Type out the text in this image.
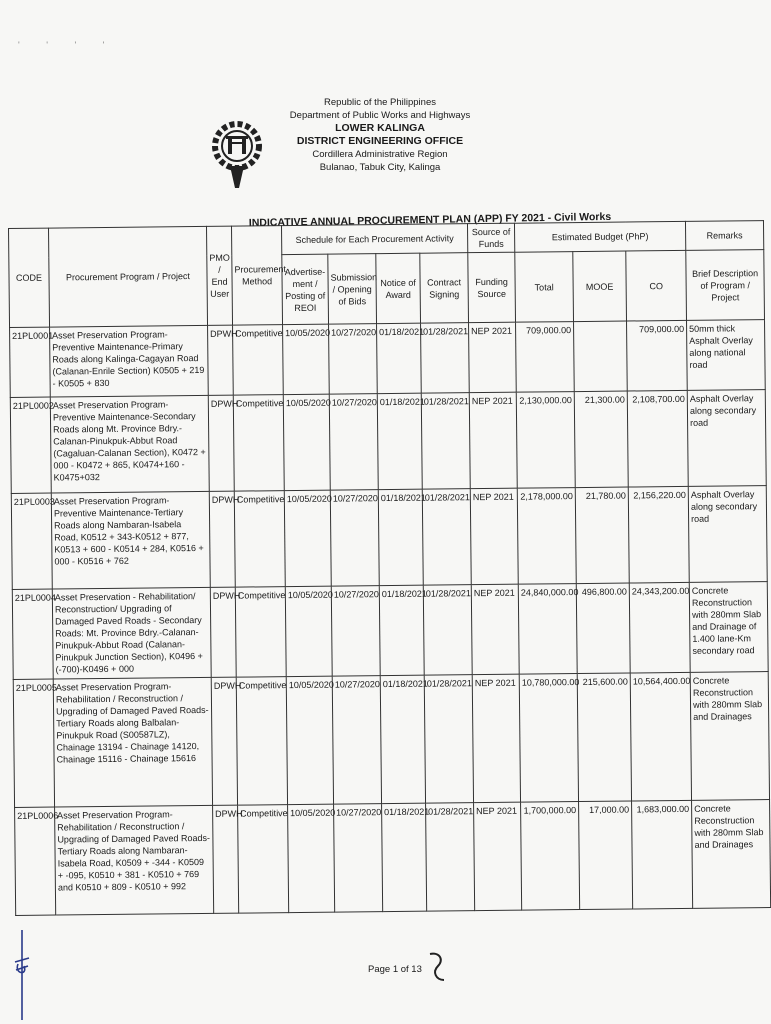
' ' ' '
Republic of the Philippines
Department of Public Works and Highways
LOWER KALINGA
DISTRICT ENGINEERING OFFICE
Cordillera Administrative Region
Bulanao, Tabuk City, Kalinga
INDICATIVE ANNUAL PROCUREMENT PLAN (APP) FY 2021 - Civil Works
CODE	Procurement Program / Project	PMO / End User	Procurement Method	Schedule for Each Procurement Activity				Source of Funds	Estimated Budget (PhP)			Remarks
				Advertise-ment / Posting of REOI	Submission / Opening of Bids	Notice of Award	Contract Signing	Funding Source	Total	MOOE	CO	Brief Description of Program / Project
21PL0001	Asset Preservation Program-Preventive Maintenance-Primary Roads along Kalinga-Cagayan Road (Calanan-Enrile Section) K0505 + 219 - K0505 + 830	DPWH	Competitive	10/05/2020	10/27/2020	01/18/2021	01/28/2021	NEP 2021	709,000.00		709,000.00	50mm thick Asphalt Overlay along national road
21PL0002	Asset Preservation Program-Preventive Maintenance-Secondary Roads along Mt. Province Bdry.-Calanan-Pinukpuk-Abbut Road (Cagaluan-Calanan Section), K0472 + 000 - K0472 + 865, K0474+160 - K0475+032	DPWH	Competitive	10/05/2020	10/27/2020	01/18/2021	01/28/2021	NEP 2021	2,130,000.00	21,300.00	2,108,700.00	Asphalt Overlay along secondary road
21PL0003	Asset Preservation Program-Preventive Maintenance-Tertiary Roads along Nambaran-Isabela Road, K0512 + 343-K0512 + 877, K0513 + 600 - K0514 + 284, K0516 + 000 - K0516 + 762	DPWH	Competitive	10/05/2020	10/27/2020	01/18/2021	01/28/2021	NEP 2021	2,178,000.00	21,780.00	2,156,220.00	Asphalt Overlay along secondary road
21PL0004	Asset Preservation - Rehabilitation/ Reconstruction/ Upgrading of Damaged Paved Roads - Secondary Roads: Mt. Province Bdry.-Calanan-Pinukpuk-Abbut Road (Calanan-Pinukpuk Junction Section), K0496 + (-700)-K0496 + 000	DPWH	Competitive	10/05/2020	10/27/2020	01/18/2021	01/28/2021	NEP 2021	24,840,000.00	496,800.00	24,343,200.00	Concrete Reconstruction with 280mm Slab and Drainage of 1.400 lane-Km secondary road
21PL0005	Asset Preservation Program-Rehabilitation / Reconstruction / Upgrading of Damaged Paved Roads-Tertiary Roads along Balbalan-Pinukpuk Road (S00587LZ), Chainage 13194 - Chainage 14120, Chainage 15116 - Chainage 15616	DPWH	Competitive	10/05/2020	10/27/2020	01/18/2021	01/28/2021	NEP 2021	10,780,000.00	215,600.00	10,564,400.00	Concrete Reconstruction with 280mm Slab and Drainages
21PL0006	Asset Preservation Program-Rehabilitation / Reconstruction / Upgrading of Damaged Paved Roads-Tertiary Roads along Nambaran-Isabela Road, K0509 + -344 - K0509 + -095, K0510 + 381 - K0510 + 769 and K0510 + 809 - K0510 + 992	DPWH	Competitive	10/05/2020	10/27/2020	01/18/2021	01/28/2021	NEP 2021	1,700,000.00	17,000.00	1,683,000.00	Concrete Reconstruction with 280mm Slab and Drainages
Page 1 of 13
